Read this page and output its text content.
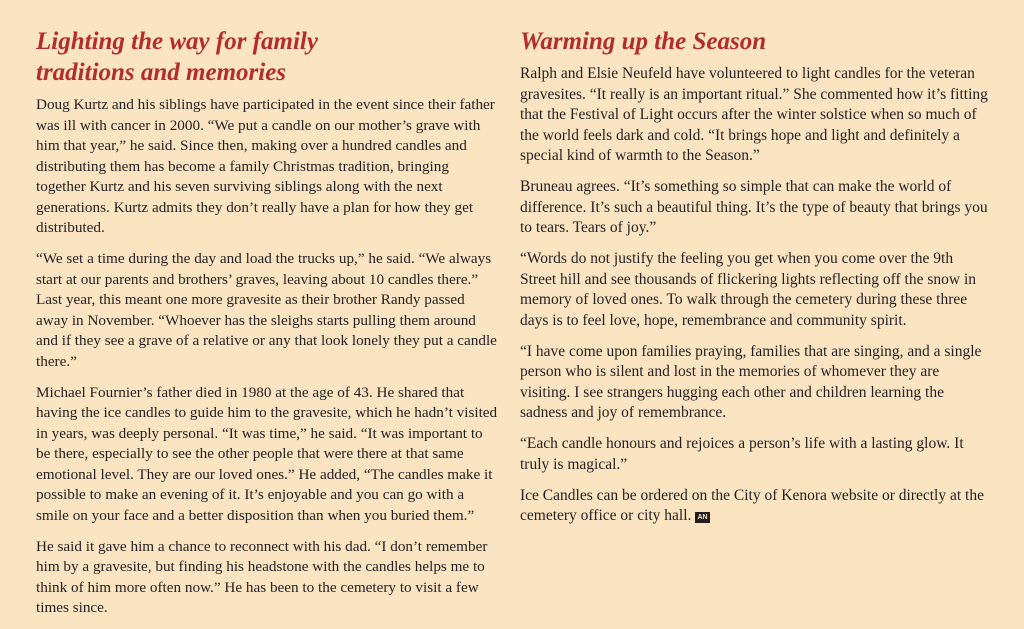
Lighting the way for family
traditions and memories

Doug Kurtz and his siblings have participated in the event since their father was ill with cancer in 2000. “We put a candle on our mother’s grave with him that year,” he said. Since then, making over a hundred candles and distributing them has become a family Christmas tradition, bringing together Kurtz and his seven surviving siblings along with the next generations. Kurtz admits they don’t really have a plan for how they get distributed.

“We set a time during the day and load the trucks up,” he said. “We always start at our parents and brothers’ graves, leaving about 10 candles there.” Last year, this meant one more gravesite as their brother Randy passed away in November. “Whoever has the sleighs starts pulling them around and if they see a grave of a relative or any that look lonely they put a candle there.”

Michael Fournier’s father died in 1980 at the age of 43. He shared that having the ice candles to guide him to the gravesite, which he hadn’t visited in years, was deeply personal. “It was time,” he said. “It was important to be there, especially to see the other people that were there at that same emotional level. They are our loved ones.” He added, “The candles make it possible to make an evening of it. It’s enjoyable and you can go with a smile on your face and a better disposition than when you buried them.”

He said it gave him a chance to reconnect with his dad. “I don’t remember him by a gravesite, but finding his headstone with the candles helps me to think of him more often now.” He has been to the cemetery to visit a few times since.

Warming up the Season

Ralph and Elsie Neufeld have volunteered to light candles for the veteran gravesites. “It really is an important ritual.” She commented how it’s fitting that the Festival of Light occurs after the winter solstice when so much of the world feels dark and cold. “It brings hope and light and definitely a special kind of warmth to the Season.”

Bruneau agrees. “It’s something so simple that can make the world of difference. It’s such a beautiful thing. It’s the type of beauty that brings you to tears. Tears of joy.”

“Words do not justify the feeling you get when you come over the 9th Street hill and see thousands of flickering lights reflecting off the snow in memory of loved ones. To walk through the cemetery during these three days is to feel love, hope, remembrance and community spirit.

“I have come upon families praying, families that are singing, and a single person who is silent and lost in the memories of whomever they are visiting. I see strangers hugging each other and children learning the sadness and joy of remembrance.

“Each candle honours and rejoices a person’s life with a lasting glow. It truly is magical.”

Ice Candles can be ordered on the City of Kenora website or directly at the cemetery office or city hall. AN
